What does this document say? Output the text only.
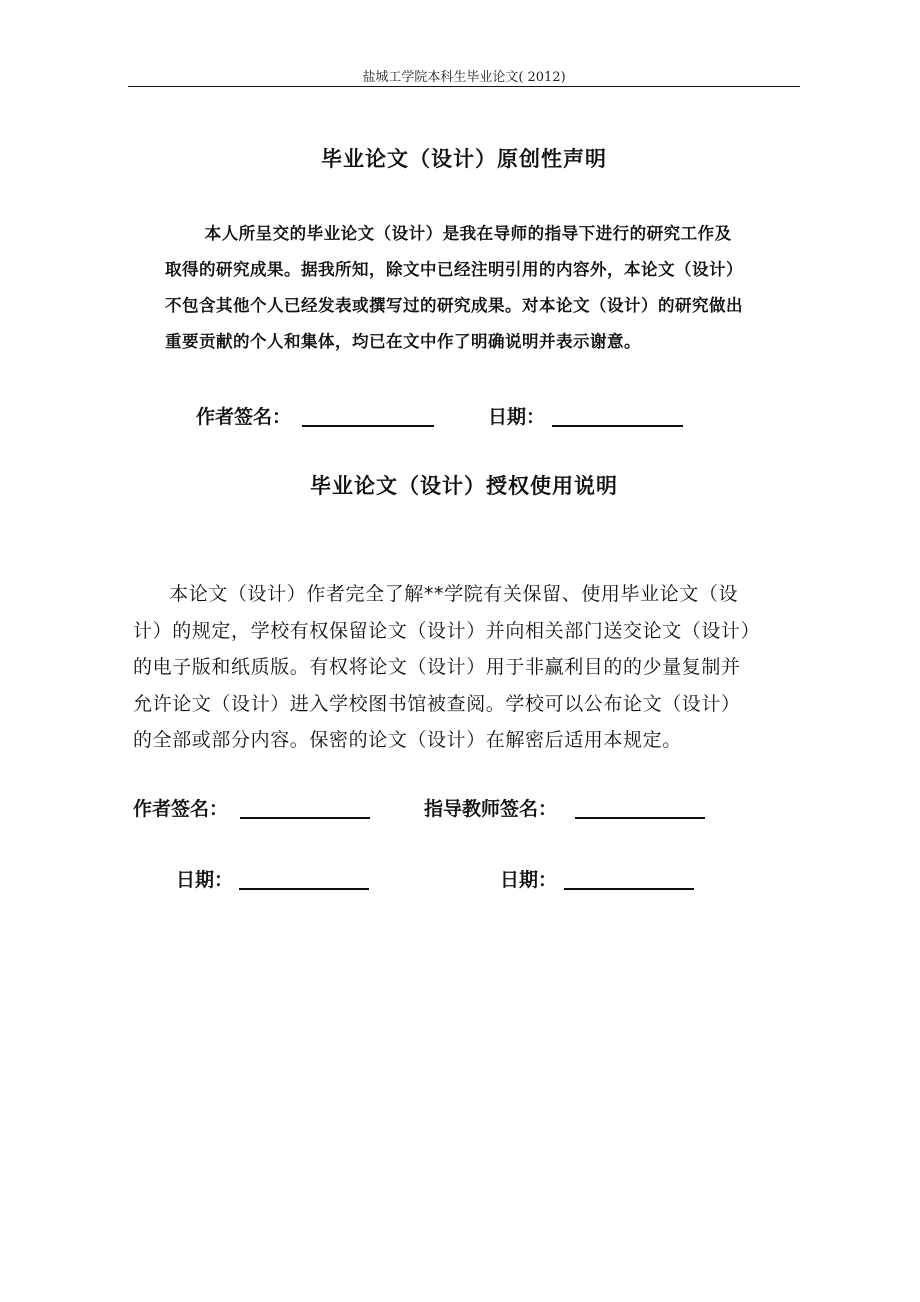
盐城工学院本科生毕业论文( 2012)
毕业论文（设计）原创性声明

本人所呈交的毕业论文（设计）是我在导师的指导下进行的研究工作及

取得的研究成果。据我所知，除文中已经注明引用的内容外，本论文（设计）

不包含其他个人已经发表或撰写过的研究成果。对本论文（设计）的研究做出

重要贡献的个人和集体，均已在文中作了明确说明并表示谢意。

作者签名：	日期：
毕业论文（设计）授权使用说明

本论文（设计）作者完全了解**学院有关保留、使用毕业论文（设

计）的规定，学校有权保留论文（设计）并向相关部门送交论文（设计）

的电子版和纸质版。有权将论文（设计）用于非赢利目的的少量复制并

允许论文（设计）进入学校图书馆被查阅。学校可以公布论文（设计）

的全部或部分内容。保密的论文（设计）在解密后适用本规定。

作者签名：	指导教师签名：
日期：	日期：
